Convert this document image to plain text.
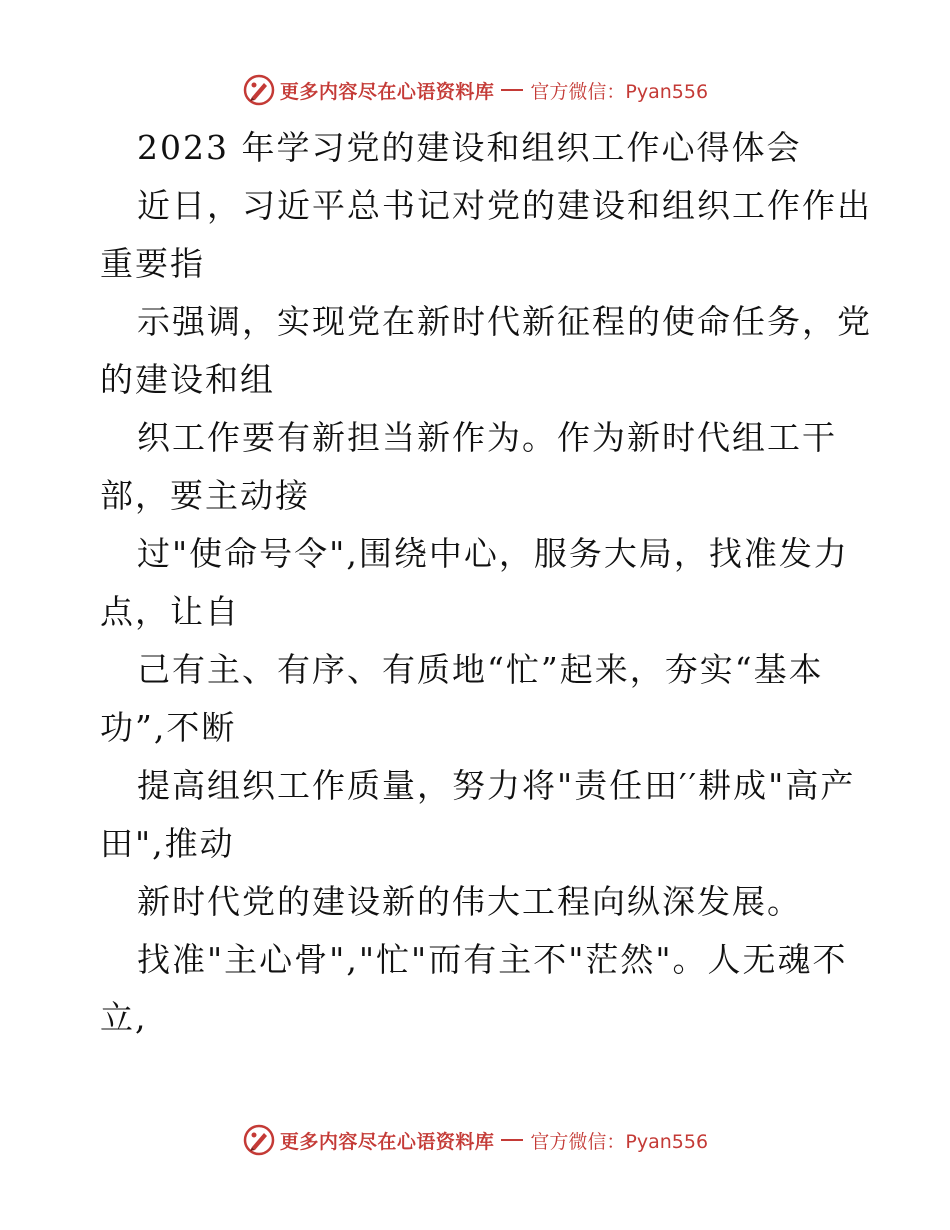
更多内容尽在心语资料库 官方微信：Pyan556
2023 年学习党的建设和组织工作心得体会
近日，习近平总书记对党的建设和组织工作作出
重要指
示强调，实现党在新时代新征程的使命任务，党
的建设和组
织工作要有新担当新作为。作为新时代组工干
部，要主动接
过"使命号令",围绕中心，服务大局，找准发力
点，让自
己有主、有序、有质地“忙”起来，夯实“基本
功”,不断
提高组织工作质量，努力将"责任田′′耕成"高产
田",推动
新时代党的建设新的伟大工程向纵深发展。
找准"主心骨","忙"而有主不"茫然"。人无魂不
立,
更多内容尽在心语资料库 官方微信：Pyan556
